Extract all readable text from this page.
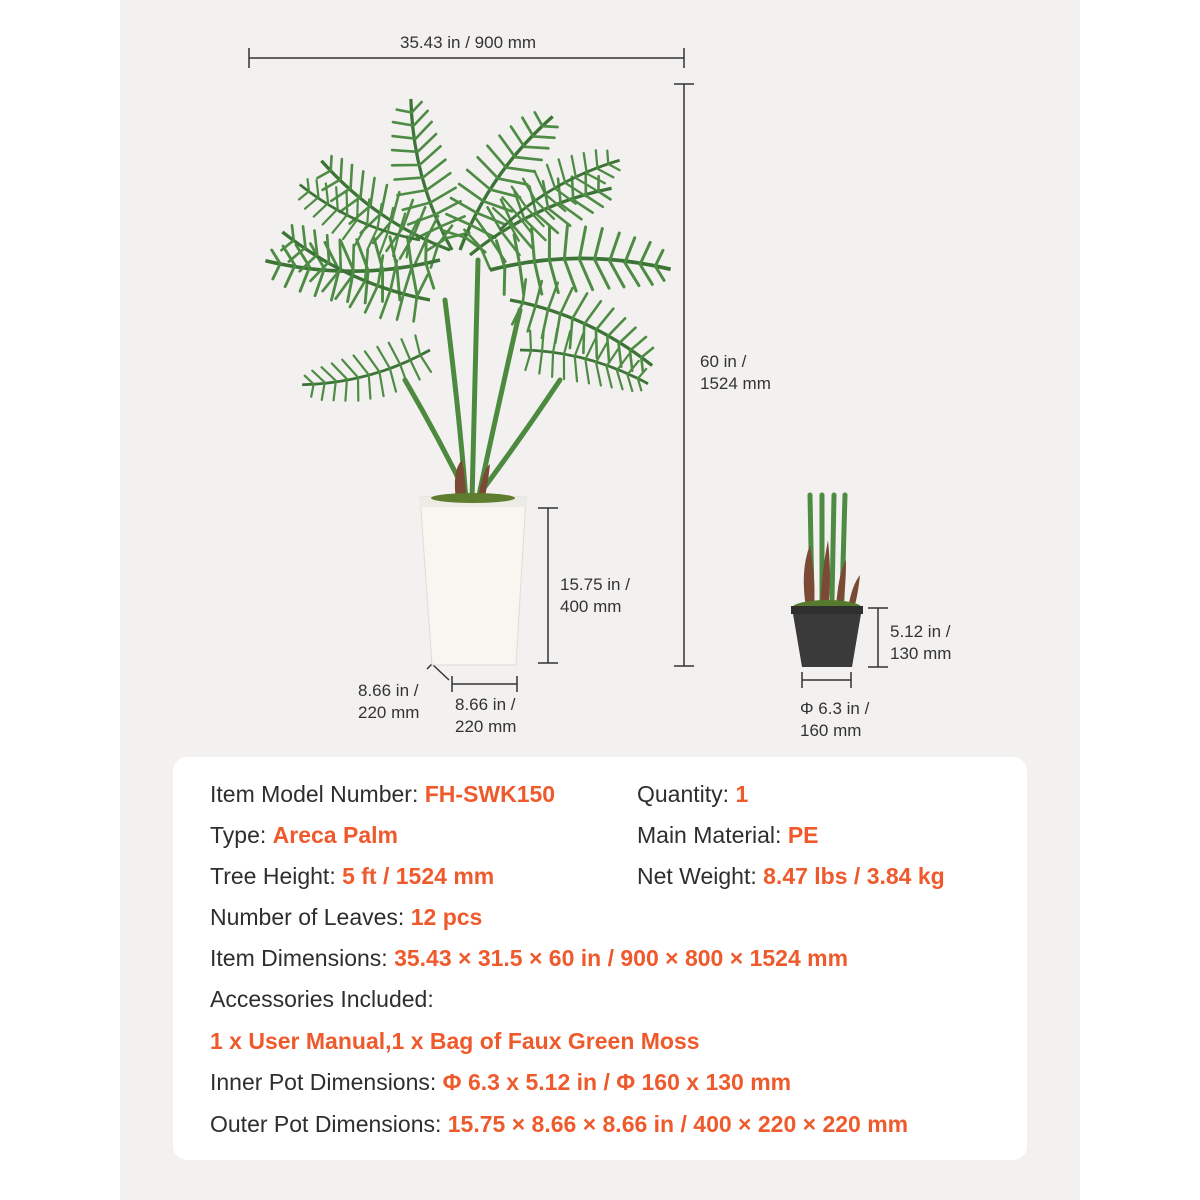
35.43 in / 900 mm
60 in /
1524 mm
15.75 in /
400 mm
8.66 in /
220 mm 8.66 in /
220 mm
5.12 in /
130 mm
Φ 6.3 in /
160 mm
Item Model Number: FH-SWK150	Quantity: 1
Type: Areca Palm	Main Material: PE
Tree Height: 5 ft / 1524 mm	Net Weight: 8.47 lbs / 3.84 kg
Number of Leaves: 12 pcs
Item Dimensions: 35.43 × 31.5 × 60 in / 900 × 800 × 1524 mm
Accessories Included:
1 x User Manual,1 x Bag of Faux Green Moss
Inner Pot Dimensions: Φ 6.3 x 5.12 in / Φ 160 x 130 mm
Outer Pot Dimensions: 15.75 × 8.66 × 8.66 in / 400 × 220 × 220 mm
